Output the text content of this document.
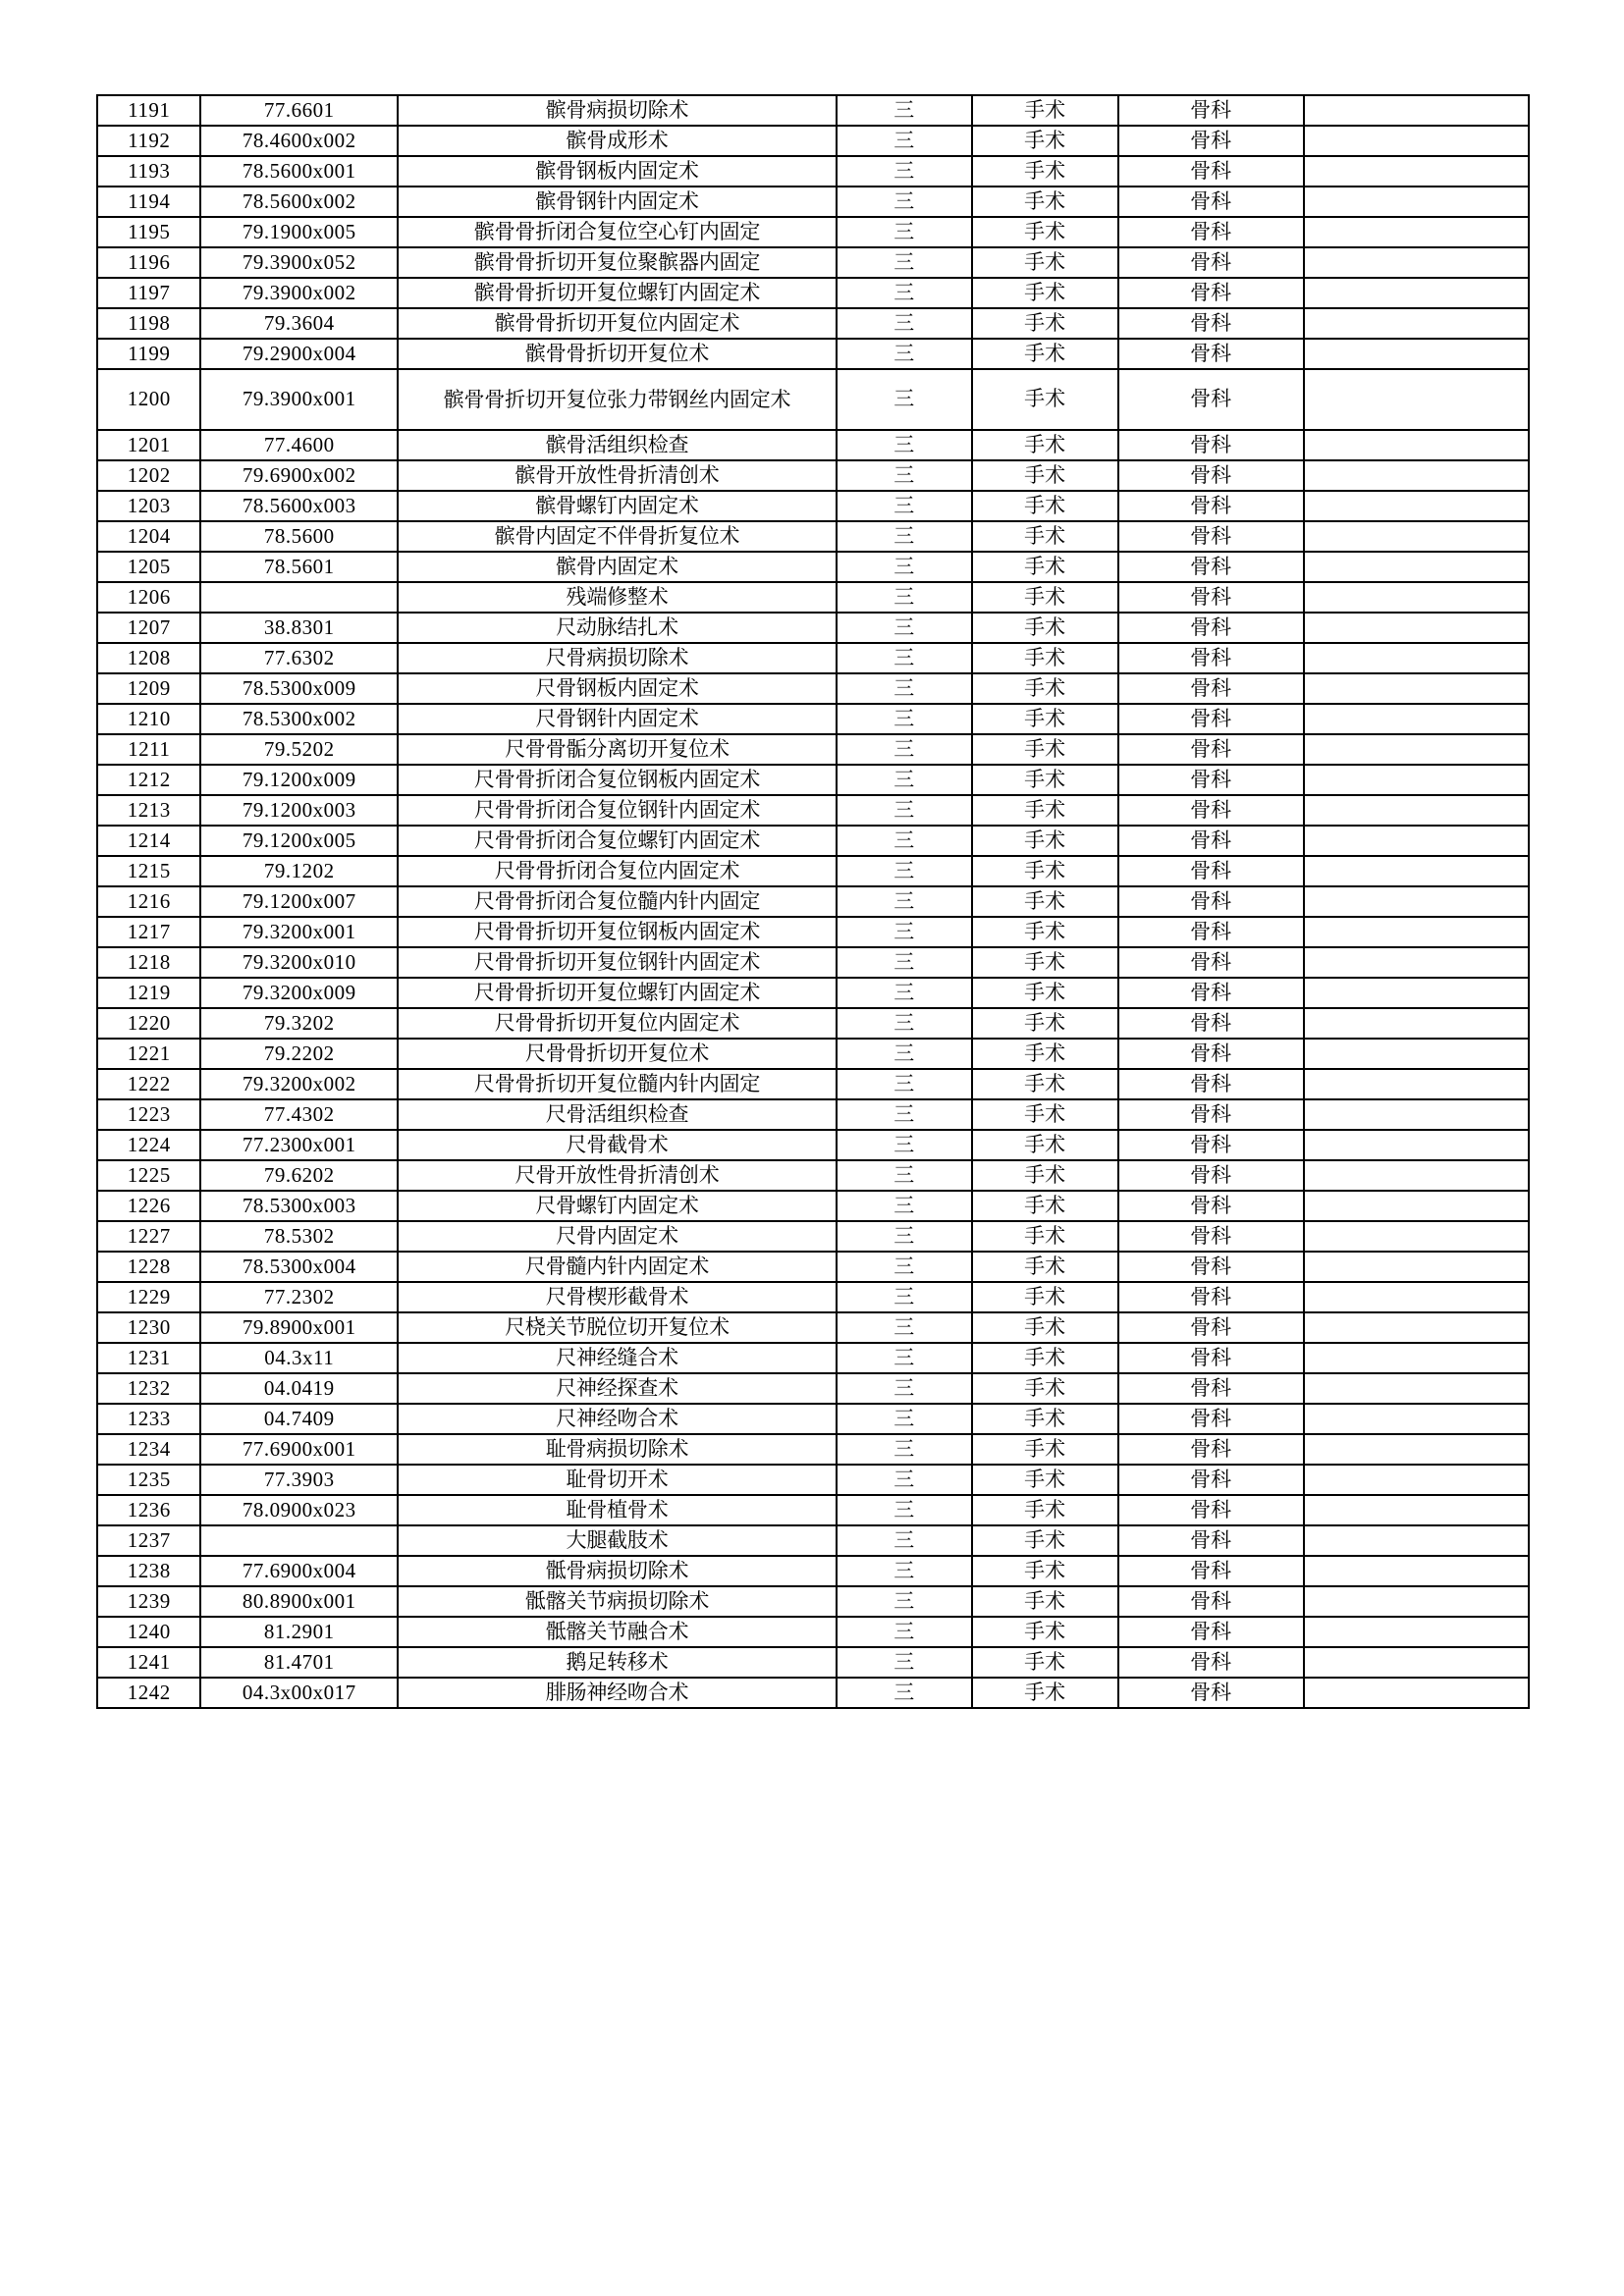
1191	77.6601	髌骨病损切除术	三	手术	骨科	
1192	78.4600x002	髌骨成形术	三	手术	骨科	
1193	78.5600x001	髌骨钢板内固定术	三	手术	骨科	
1194	78.5600x002	髌骨钢针内固定术	三	手术	骨科	
1195	79.1900x005	髌骨骨折闭合复位空心钉内固定	三	手术	骨科	
1196	79.3900x052	髌骨骨折切开复位聚髌器内固定	三	手术	骨科	
1197	79.3900x002	髌骨骨折切开复位螺钉内固定术	三	手术	骨科	
1198	79.3604	髌骨骨折切开复位内固定术	三	手术	骨科	
1199	79.2900x004	髌骨骨折切开复位术	三	手术	骨科	
1200	79.3900x001	髌骨骨折切开复位张力带钢丝内固定术	三	手术	骨科	
1201	77.4600	髌骨活组织检查	三	手术	骨科	
1202	79.6900x002	髌骨开放性骨折清创术	三	手术	骨科	
1203	78.5600x003	髌骨螺钉内固定术	三	手术	骨科	
1204	78.5600	髌骨内固定不伴骨折复位术	三	手术	骨科	
1205	78.5601	髌骨内固定术	三	手术	骨科	
1206		残端修整术	三	手术	骨科	
1207	38.8301	尺动脉结扎术	三	手术	骨科	
1208	77.6302	尺骨病损切除术	三	手术	骨科	
1209	78.5300x009	尺骨钢板内固定术	三	手术	骨科	
1210	78.5300x002	尺骨钢针内固定术	三	手术	骨科	
1211	79.5202	尺骨骨骺分离切开复位术	三	手术	骨科	
1212	79.1200x009	尺骨骨折闭合复位钢板内固定术	三	手术	骨科	
1213	79.1200x003	尺骨骨折闭合复位钢针内固定术	三	手术	骨科	
1214	79.1200x005	尺骨骨折闭合复位螺钉内固定术	三	手术	骨科	
1215	79.1202	尺骨骨折闭合复位内固定术	三	手术	骨科	
1216	79.1200x007	尺骨骨折闭合复位髓内针内固定	三	手术	骨科	
1217	79.3200x001	尺骨骨折切开复位钢板内固定术	三	手术	骨科	
1218	79.3200x010	尺骨骨折切开复位钢针内固定术	三	手术	骨科	
1219	79.3200x009	尺骨骨折切开复位螺钉内固定术	三	手术	骨科	
1220	79.3202	尺骨骨折切开复位内固定术	三	手术	骨科	
1221	79.2202	尺骨骨折切开复位术	三	手术	骨科	
1222	79.3200x002	尺骨骨折切开复位髓内针内固定	三	手术	骨科	
1223	77.4302	尺骨活组织检查	三	手术	骨科	
1224	77.2300x001	尺骨截骨术	三	手术	骨科	
1225	79.6202	尺骨开放性骨折清创术	三	手术	骨科	
1226	78.5300x003	尺骨螺钉内固定术	三	手术	骨科	
1227	78.5302	尺骨内固定术	三	手术	骨科	
1228	78.5300x004	尺骨髓内针内固定术	三	手术	骨科	
1229	77.2302	尺骨楔形截骨术	三	手术	骨科	
1230	79.8900x001	尺桡关节脱位切开复位术	三	手术	骨科	
1231	04.3x11	尺神经缝合术	三	手术	骨科	
1232	04.0419	尺神经探查术	三	手术	骨科	
1233	04.7409	尺神经吻合术	三	手术	骨科	
1234	77.6900x001	耻骨病损切除术	三	手术	骨科	
1235	77.3903	耻骨切开术	三	手术	骨科	
1236	78.0900x023	耻骨植骨术	三	手术	骨科	
1237		大腿截肢术	三	手术	骨科	
1238	77.6900x004	骶骨病损切除术	三	手术	骨科	
1239	80.8900x001	骶髂关节病损切除术	三	手术	骨科	
1240	81.2901	骶髂关节融合术	三	手术	骨科	
1241	81.4701	鹅足转移术	三	手术	骨科	
1242	04.3x00x017	腓肠神经吻合术	三	手术	骨科	
